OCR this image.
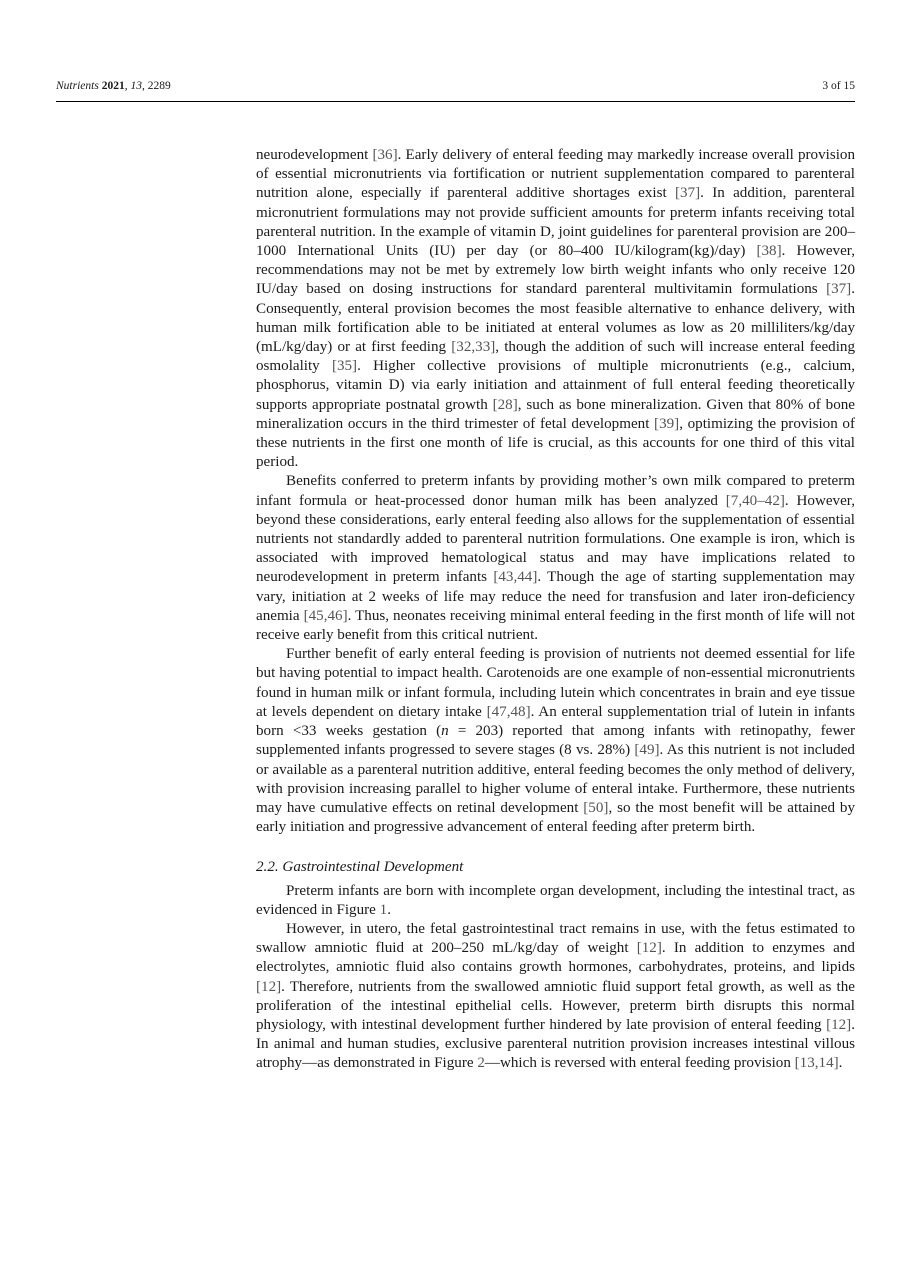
Nutrients 2021, 13, 2289	3 of 15

neurodevelopment [36]. Early delivery of enteral feeding may markedly increase overall provision of essential micronutrients via fortification or nutrient supplementation compared to parenteral nutrition alone, especially if parenteral additive shortages exist [37]. In addition, parenteral micronutrient formulations may not provide sufficient amounts for preterm infants receiving total parenteral nutrition. In the example of vitamin D, joint guidelines for parenteral provision are 200–1000 International Units (IU) per day (or 80–400 IU/kilogram(kg)/day) [38]. However, recommendations may not be met by extremely low birth weight infants who only receive 120 IU/day based on dosing instructions for standard parenteral multivitamin formulations [37]. Consequently, enteral provision becomes the most feasible alternative to enhance delivery, with human milk fortification able to be initiated at enteral volumes as low as 20 milliliters/kg/day (mL/kg/day) or at first feeding [32,33], though the addition of such will increase enteral feeding osmolality [35]. Higher collective provisions of multiple micronutrients (e.g., calcium, phosphorus, vitamin D) via early initiation and attainment of full enteral feeding theoretically supports appropriate postnatal growth [28], such as bone mineralization. Given that 80% of bone mineralization occurs in the third trimester of fetal development [39], optimizing the provision of these nutrients in the first one month of life is crucial, as this accounts for one third of this vital period.

Benefits conferred to preterm infants by providing mother’s own milk compared to preterm infant formula or heat-processed donor human milk has been analyzed [7,40–42]. However, beyond these considerations, early enteral feeding also allows for the supplementation of essential nutrients not standardly added to parenteral nutrition formulations. One example is iron, which is associated with improved hematological status and may have implications related to neurodevelopment in preterm infants [43,44]. Though the age of starting supplementation may vary, initiation at 2 weeks of life may reduce the need for transfusion and later iron-deficiency anemia [45,46]. Thus, neonates receiving minimal enteral feeding in the first month of life will not receive early benefit from this critical nutrient.

Further benefit of early enteral feeding is provision of nutrients not deemed essential for life but having potential to impact health. Carotenoids are one example of non-essential micronutrients found in human milk or infant formula, including lutein which concentrates in brain and eye tissue at levels dependent on dietary intake [47,48]. An enteral supplementation trial of lutein in infants born <33 weeks gestation (n = 203) reported that among infants with retinopathy, fewer supplemented infants progressed to severe stages (8 vs. 28%) [49]. As this nutrient is not included or available as a parenteral nutrition additive, enteral feeding becomes the only method of delivery, with provision increasing parallel to higher volume of enteral intake. Furthermore, these nutrients may have cumulative effects on retinal development [50], so the most benefit will be attained by early initiation and progressive advancement of enteral feeding after preterm birth.

2.2. Gastrointestinal Development

Preterm infants are born with incomplete organ development, including the intestinal tract, as evidenced in Figure 1.

However, in utero, the fetal gastrointestinal tract remains in use, with the fetus estimated to swallow amniotic fluid at 200–250 mL/kg/day of weight [12]. In addition to enzymes and electrolytes, amniotic fluid also contains growth hormones, carbohydrates, proteins, and lipids [12]. Therefore, nutrients from the swallowed amniotic fluid support fetal growth, as well as the proliferation of the intestinal epithelial cells. However, preterm birth disrupts this normal physiology, with intestinal development further hindered by late provision of enteral feeding [12]. In animal and human studies, exclusive parenteral nutrition provision increases intestinal villous atrophy—as demonstrated in Figure 2—which is reversed with enteral feeding provision [13,14].
